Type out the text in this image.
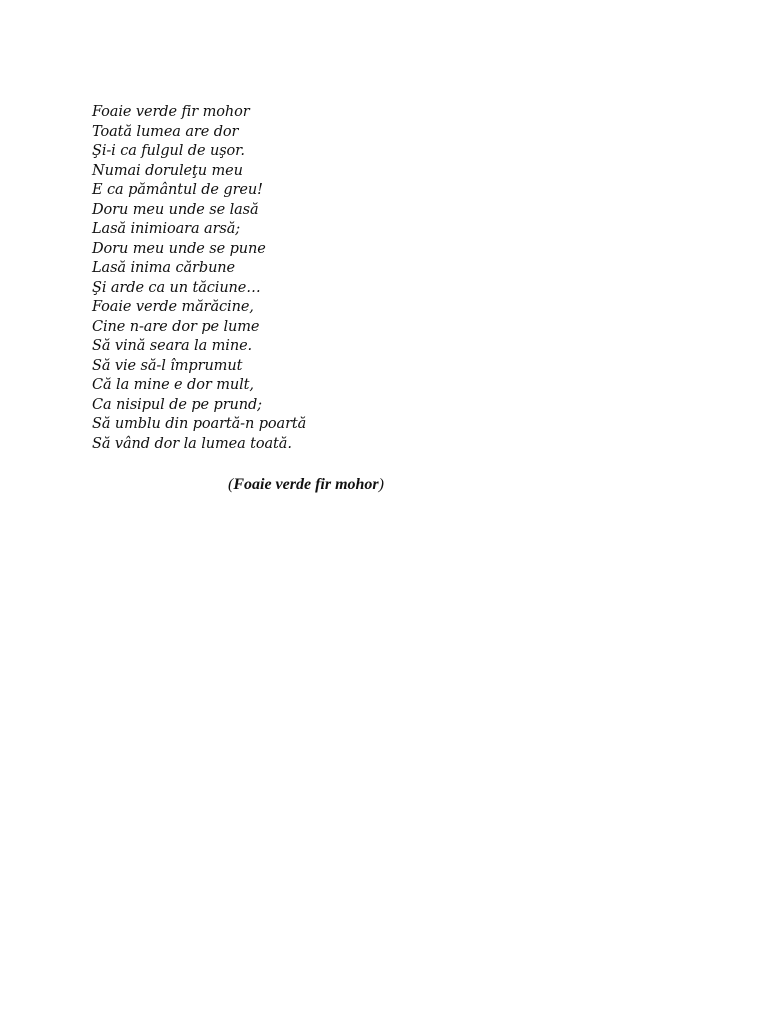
Foaie verde fir mohor
Toată lumea are dor
Şi-i ca fulgul de uşor.
Numai doruleţu meu
E ca pământul de greu!
Doru meu unde se lasă
Lasă inimioara arsă;
Doru meu unde se pune
Lasă inima cărbune
Şi arde ca un tăciune…
Foaie verde mărăcine,
Cine n-are dor pe lume
Să vină seara la mine.
Să vie să-l împrumut
Că la mine e dor mult,
Ca nisipul de pe prund;
Să umblu din poartă-n poartă
Să vând dor la lumea toată.
(Foaie verde fir mohor)
